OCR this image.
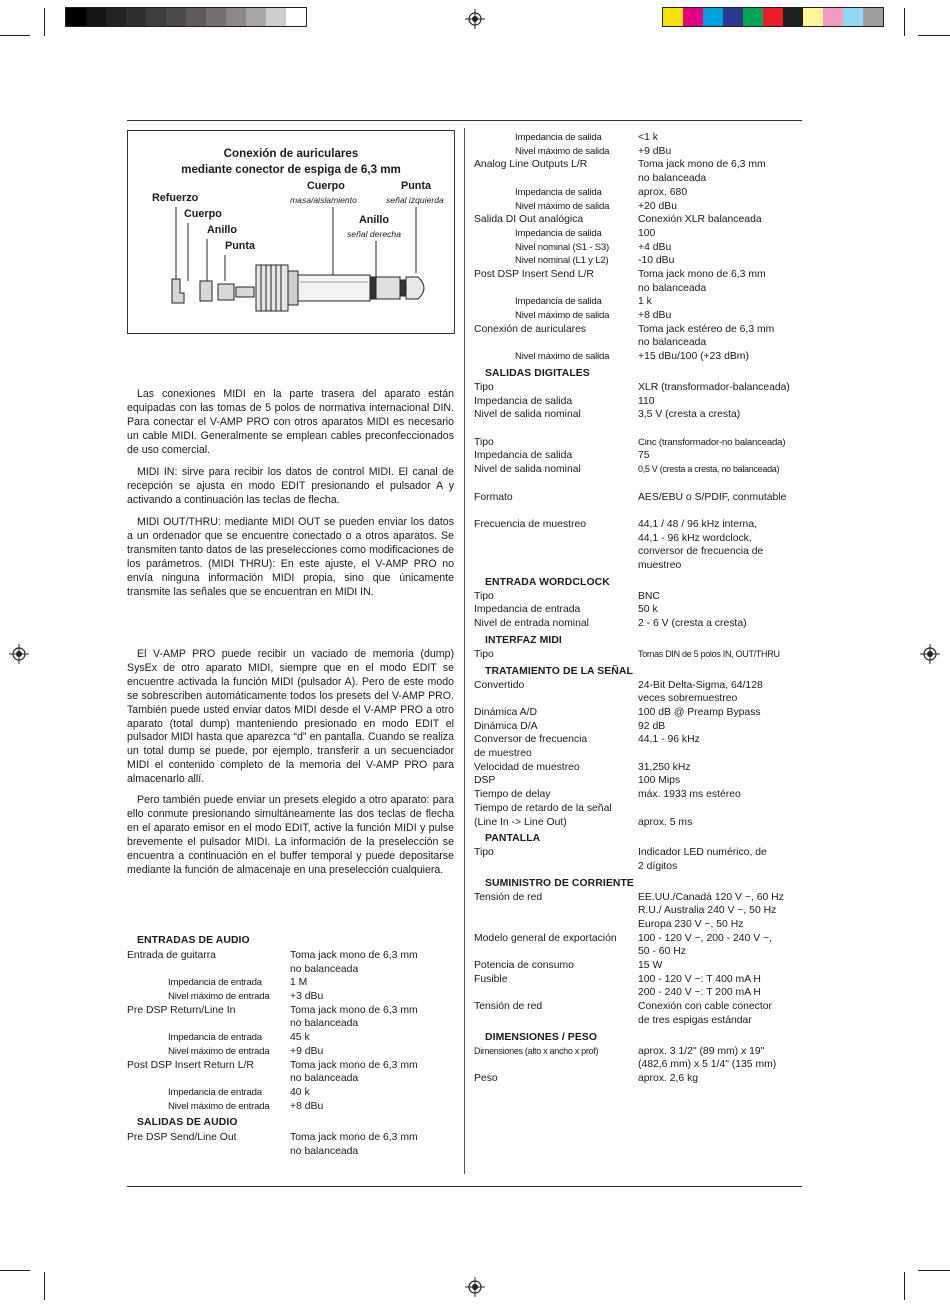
Conexión de auriculares
mediante conector de espiga de 6,3 mm
Refuerzo
Cuerpo
Anillo
Punta
Cuerpo
masa/aislamiento
Punta
señal izquierda
Anillo
señal derecha

Las conexiones MIDI en la parte trasera del aparato están equipadas con las tomas de 5 polos de normativa internacional DIN. Para conectar el V-AMP PRO con otros aparatos MIDI es necesario un cable MIDI. Generalmente se emplean cables preconfeccionados de uso comercial.

MIDI IN: sirve para recibir los datos de control MIDI. El canal de recepción se ajusta en modo EDIT presionando el pulsador A y activando a continuación las teclas de flecha.

MIDI OUT/THRU: mediante MIDI OUT se pueden enviar los datos a un ordenador que se encuentre conectado o a otros aparatos. Se transmiten tanto datos de las preselecciones como modificaciones de los parámetros. (MIDI THRU): En este ajuste, el V-AMP PRO no envía ninguna información MIDI propia, sino que únicamente transmite las señales que se encuentran en MIDI IN.

El V-AMP PRO puede recibir un vaciado de memoria (dump) SysEx de otro aparato MIDI, siempre que en el modo EDIT se encuentre activada la función MIDI (pulsador A). Pero de este modo se sobrescriben automáticamente todos los presets del V-AMP PRO. También puede usted enviar datos MIDI desde el V-AMP PRO a otro aparato (total dump) manteniendo presionado en modo EDIT el pulsador MIDI hasta que aparezca “d” en pantalla. Cuando se realiza un total dump se puede, por ejemplo, transferir a un secuenciador MIDI el contenido completo de la memoria del V-AMP PRO para almacenarlo allí.

Pero también puede enviar un presets elegido a otro aparato: para ello conmute presionando simultáneamente las dos teclas de flecha en el aparato emisor en el modo EDIT, active la función MIDI y pulse brevemente el pulsador MIDI. La información de la preselección se encuentra a continuación en el buffer temporal y puede depositarse mediante la función de almacenaje en una preselección cualquiera.

ENTRADAS DE AUDIO
Entrada de guitarra	Toma jack mono de 6,3 mm
no balanceada
Impedancia de entrada	1 M
Nivel máximo de entrada +3 dBu
Pre DSP Return/Line In	Toma jack mono de 6,3 mm
no balanceada
Impedancia de entrada	45 k
Nivel máximo de entrada +9 dBu
Post DSP Insert Return L/R	Toma jack mono de 6,3 mm
no balanceada
Impedancia de entrada	40 k
Nivel máximo de entrada +8 dBu
SALIDAS DE AUDIO
Pre DSP Send/Line Out	Toma jack mono de 6,3 mm
no balanceada
Impedancia de salida	<1 k
Nivel máximo de salida	+9 dBu
Analog Line Outputs L/R	Toma jack mono de 6,3 mm
no balanceada
Impedancia de salida	aprox. 680
Nivel máximo de salida	+20 dBu
Salida DI Out analógica	Conexión XLR balanceada
Impedancia de salida	100
Nivel nominal (S1 - S3)	+4 dBu
Nivel nominal (L1 y L2)	-10 dBu
Post DSP Insert Send L/R	Toma jack mono de 6,3 mm
no balanceada
Impedancia de salida	1 k
Nivel máximo de salida	+8 dBu
Conexión de auriculares	Toma jack estéreo de 6,3 mm
no balanceada
Nivel máximo de salida	+15 dBu/100 (+23 dBm)
SALIDAS DIGITALES
Tipo	XLR (transformador-balanceada)
Impedancia de salida	110
Nivel de salida nominal	3,5 V (cresta a cresta)
Tipo	Cinc (transformador-no balanceada)
Impedancia de salida	75
Nivel de salida nominal	0,5 V (cresta a cresta, no balanceada)
Formato	AES/EBU o S/PDIF, conmutable
Frecuencia de muestreo	44,1 / 48 / 96 kHz interna,
44,1 - 96 kHz wordclock,
conversor de frecuencia de
muestreo
ENTRADA WORDCLOCK
Tipo	BNC
Impedancia de entrada	50 k
Nivel de entrada nominal	2 - 6 V (cresta a cresta)
INTERFAZ MIDI
Tipo	Tomas DIN de 5 polos IN, OUT/THRU
TRATAMIENTO DE LA SEÑAL
Convertido	24-Bit Delta-Sigma, 64/128
veces sobremuestreo
Dinámica A/D	100 dB @ Preamp Bypass
Dinámica D/A	92 dB
Conversor de frecuencia	44,1 - 96 kHz
de muestreo
Velocidad de muestreo	31,250 kHz
DSP	100 Mips
Tiempo de delay	máx. 1933 ms estéreo
Tiempo de retardo de la señal
(Line In -> Line Out)	aprox. 5 ms
PANTALLA
Tipo	Indicador LED numérico, de
2 dígitos
SUMINISTRO DE CORRIENTE
Tensión de red	EE.UU./Canadá 120 V ~, 60 Hz
R.U./ Australia 240 V ~, 50 Hz
Europa 230 V ~, 50 Hz
Modelo general de exportación 100 - 120 V ~, 200 - 240 V ~,
50 - 60 Hz
Potencia de consumo	15 W
Fusible	100 - 120 V ~: T 400 mA H
200 - 240 V ~: T 200 mA H
Tensión de red	Conexión con cable conector
de tres espigas estándar
DIMENSIONES / PESO
Dimensiones (alto x ancho x prof)	aprox. 3 1/2" (89 mm) x 19"
(482,6 mm) x 5 1/4" (135 mm)
Peso	aprox. 2,6 kg
